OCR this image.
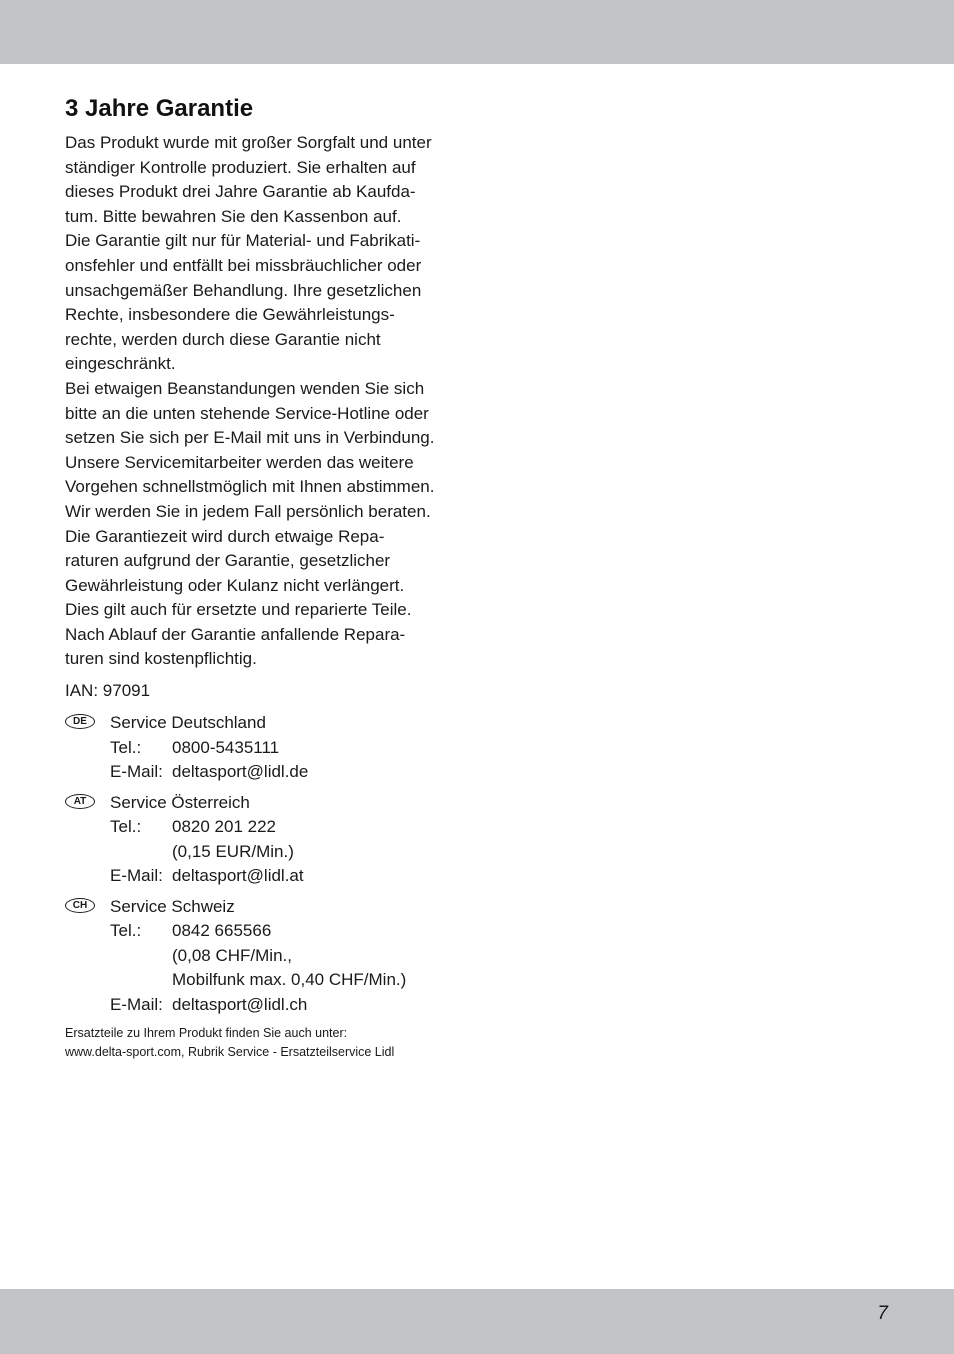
3 Jahre Garantie
Das Produkt wurde mit großer Sorgfalt und unter
ständiger Kontrolle produziert. Sie erhalten auf
dieses Produkt drei Jahre Garantie ab Kaufda-
tum. Bitte bewahren Sie den Kassenbon auf.
Die Garantie gilt nur für Material- und Fabrikati-
onsfehler und entfällt bei missbräuchlicher oder
unsachgemäßer Behandlung. Ihre gesetzlichen
Rechte, insbesondere die Gewährleistungs-
rechte, werden durch diese Garantie nicht
eingeschränkt.
Bei etwaigen Beanstandungen wenden Sie sich
bitte an die unten stehende Service-Hotline oder
setzen Sie sich per E-Mail mit uns in Verbindung.
Unsere Servicemitarbeiter werden das weitere
Vorgehen schnellstmöglich mit Ihnen abstimmen.
Wir werden Sie in jedem Fall persönlich beraten.
Die Garantiezeit wird durch etwaige Repa-
raturen aufgrund der Garantie, gesetzlicher
Gewährleistung oder Kulanz nicht verlängert.
Dies gilt auch für ersetzte und reparierte Teile.
Nach Ablauf der Garantie anfallende Repara-
turen sind kostenpflichtig.
IAN: 97091
DE	Service Deutschland
Tel.:	0800-5435111
E-Mail: deltasport@lidl.de
AT	Service Österreich
Tel.:	0820 201 222
(0,15 EUR/Min.)
E-Mail: deltasport@lidl.at
CH	Service Schweiz
Tel.:	0842 665566
(0,08 CHF/Min.,
Mobilfunk max. 0,40 CHF/Min.)
E-Mail: deltasport@lidl.ch
Ersatzteile zu Ihrem Produkt finden Sie auch unter:
www.delta-sport.com, Rubrik Service - Ersatzteilservice Lidl
7
